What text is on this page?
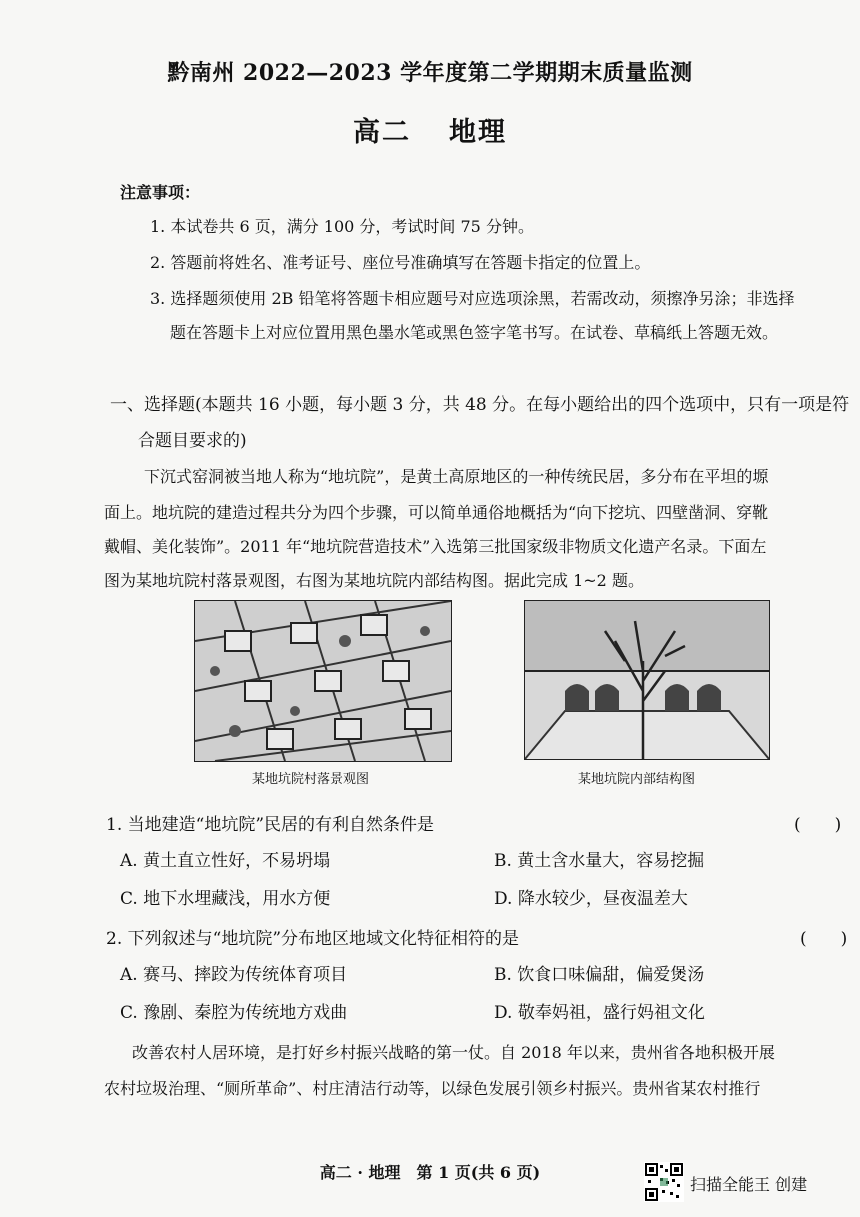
黔南州 2022—2023 学年度第二学期期末质量监测
高二 地理
注意事项：
1. 本试卷共 6 页，满分 100 分，考试时间 75 分钟。
2. 答题前将姓名、准考证号、座位号准确填写在答题卡指定的位置上。
3. 选择题须使用 2B 铅笔将答题卡相应题号对应选项涂黑，若需改动，须擦净另涂；非选择
题在答题卡上对应位置用黑色墨水笔或黑色签字笔书写。在试卷、草稿纸上答题无效。
一、选择题(本题共 16 小题，每小题 3 分，共 48 分。在每小题给出的四个选项中，只有一项是符
合题目要求的)
下沉式窑洞被当地人称为“地坑院”，是黄土高原地区的一种传统民居，多分布在平坦的塬
面上。地坑院的建造过程共分为四个步骤，可以简单通俗地概括为“向下挖坑、四壁凿洞、穿靴
戴帽、美化装饰”。2011 年“地坑院营造技术”入选第三批国家级非物质文化遗产名录。下面左
图为某地坑院村落景观图，右图为某地坑院内部结构图。据此完成 1~2 题。
某地坑院村落景观图	某地坑院内部结构图
1. 当地建造“地坑院”民居的有利自然条件是	(　　)
A. 黄土直立性好，不易坍塌	B. 黄土含水量大，容易挖掘
C. 地下水埋藏浅，用水方便	D. 降水较少，昼夜温差大
2. 下列叙述与“地坑院”分布地区地域文化特征相符的是	(　　)
A. 赛马、摔跤为传统体育项目	B. 饮食口味偏甜，偏爱煲汤
C. 豫剧、秦腔为传统地方戏曲	D. 敬奉妈祖，盛行妈祖文化
改善农村人居环境，是打好乡村振兴战略的第一仗。自 2018 年以来，贵州省各地积极开展
农村垃圾治理、“厕所革命”、村庄清洁行动等，以绿色发展引领乡村振兴。贵州省某农村推行
高二 · 地理　第 1 页(共 6 页)
扫描全能王 创建
